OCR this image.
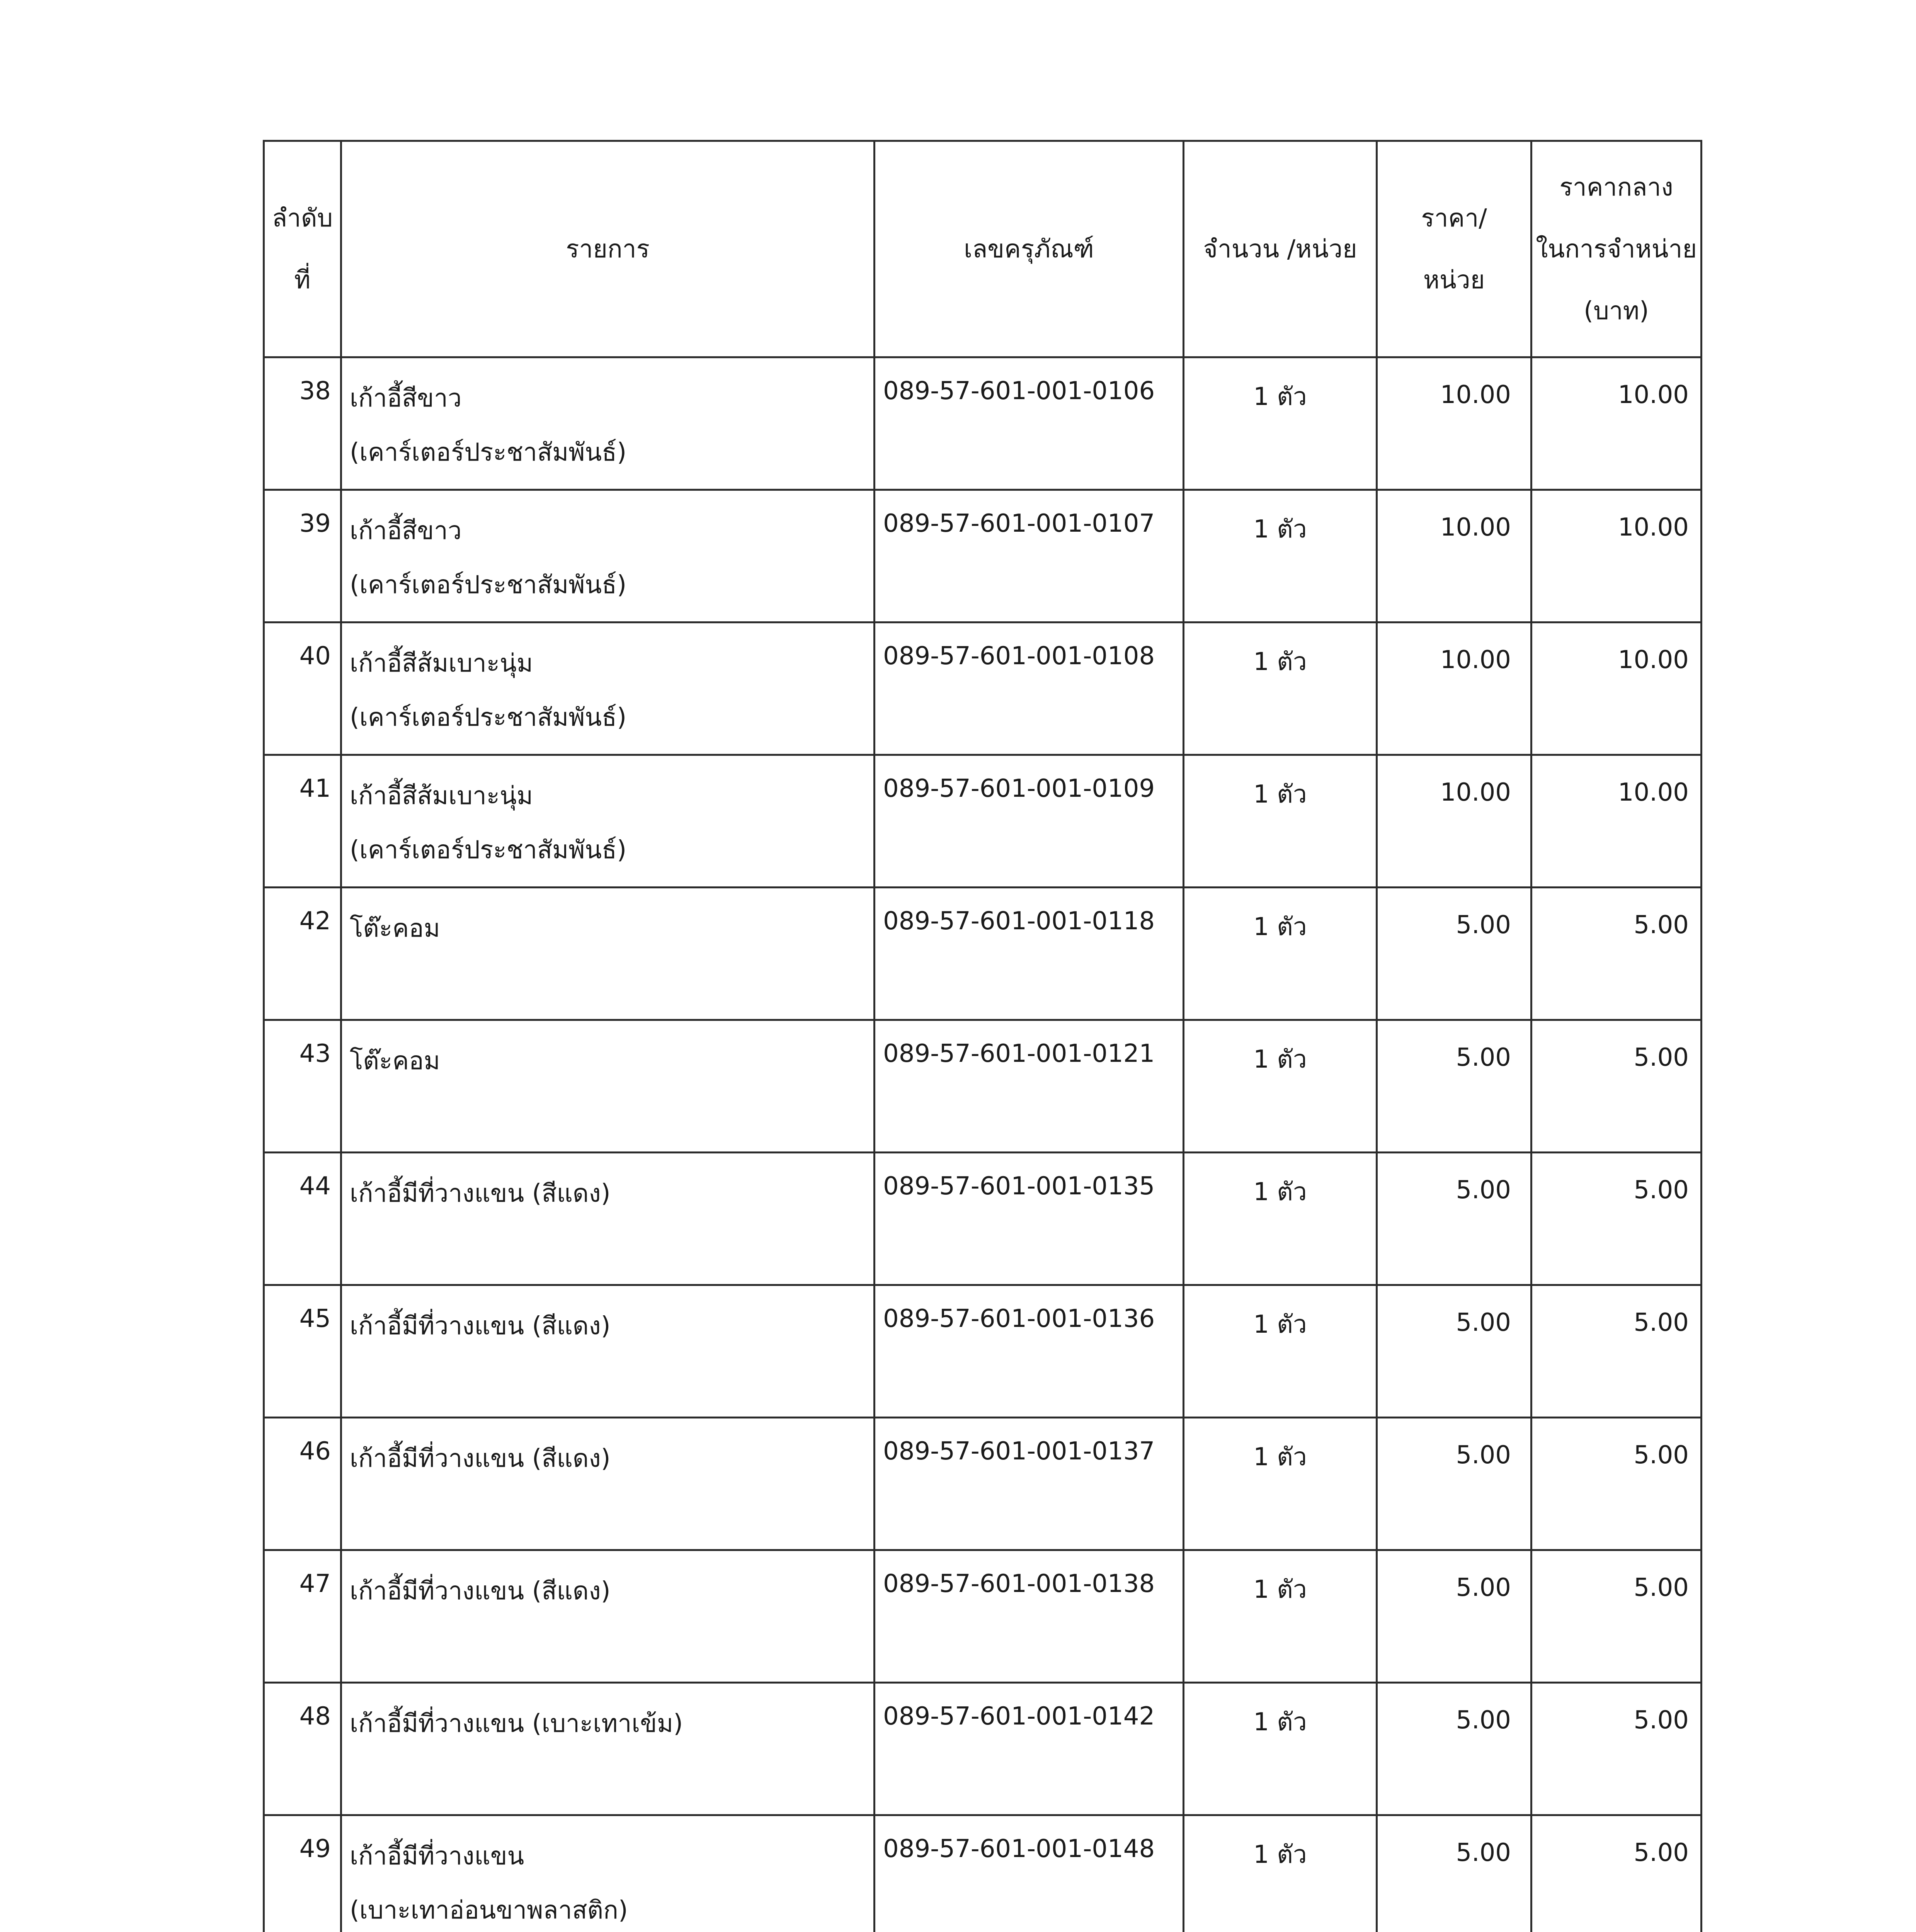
ลำดับ
ที่	รายการ	เลขครุภัณฑ์	จำนวน /หน่วย	ราคา/
หน่วย	ราคากลาง
ในการจำหน่าย
(บาท)
38	เก้าอี้สีขาว
(เคาร์เตอร์ประชาสัมพันธ์)	089-57-601-001-0106	1 ตัว	10.00	10.00
39	เก้าอี้สีขาว
(เคาร์เตอร์ประชาสัมพันธ์)	089-57-601-001-0107	1 ตัว	10.00	10.00
40	เก้าอี้สีส้มเบาะนุ่ม
(เคาร์เตอร์ประชาสัมพันธ์)	089-57-601-001-0108	1 ตัว	10.00	10.00
41	เก้าอี้สีส้มเบาะนุ่ม
(เคาร์เตอร์ประชาสัมพันธ์)	089-57-601-001-0109	1 ตัว	10.00	10.00
42	โต๊ะคอม	089-57-601-001-0118	1 ตัว	5.00	5.00
43	โต๊ะคอม	089-57-601-001-0121	1 ตัว	5.00	5.00
44	เก้าอี้มีที่วางแขน (สีแดง)	089-57-601-001-0135	1 ตัว	5.00	5.00
45	เก้าอี้มีที่วางแขน (สีแดง)	089-57-601-001-0136	1 ตัว	5.00	5.00
46	เก้าอี้มีที่วางแขน (สีแดง)	089-57-601-001-0137	1 ตัว	5.00	5.00
47	เก้าอี้มีที่วางแขน (สีแดง)	089-57-601-001-0138	1 ตัว	5.00	5.00
48	เก้าอี้มีที่วางแขน (เบาะเทาเข้ม)	089-57-601-001-0142	1 ตัว	5.00	5.00
49	เก้าอี้มีที่วางแขน
(เบาะเทาอ่อนขาพลาสติก)	089-57-601-001-0148	1 ตัว	5.00	5.00
